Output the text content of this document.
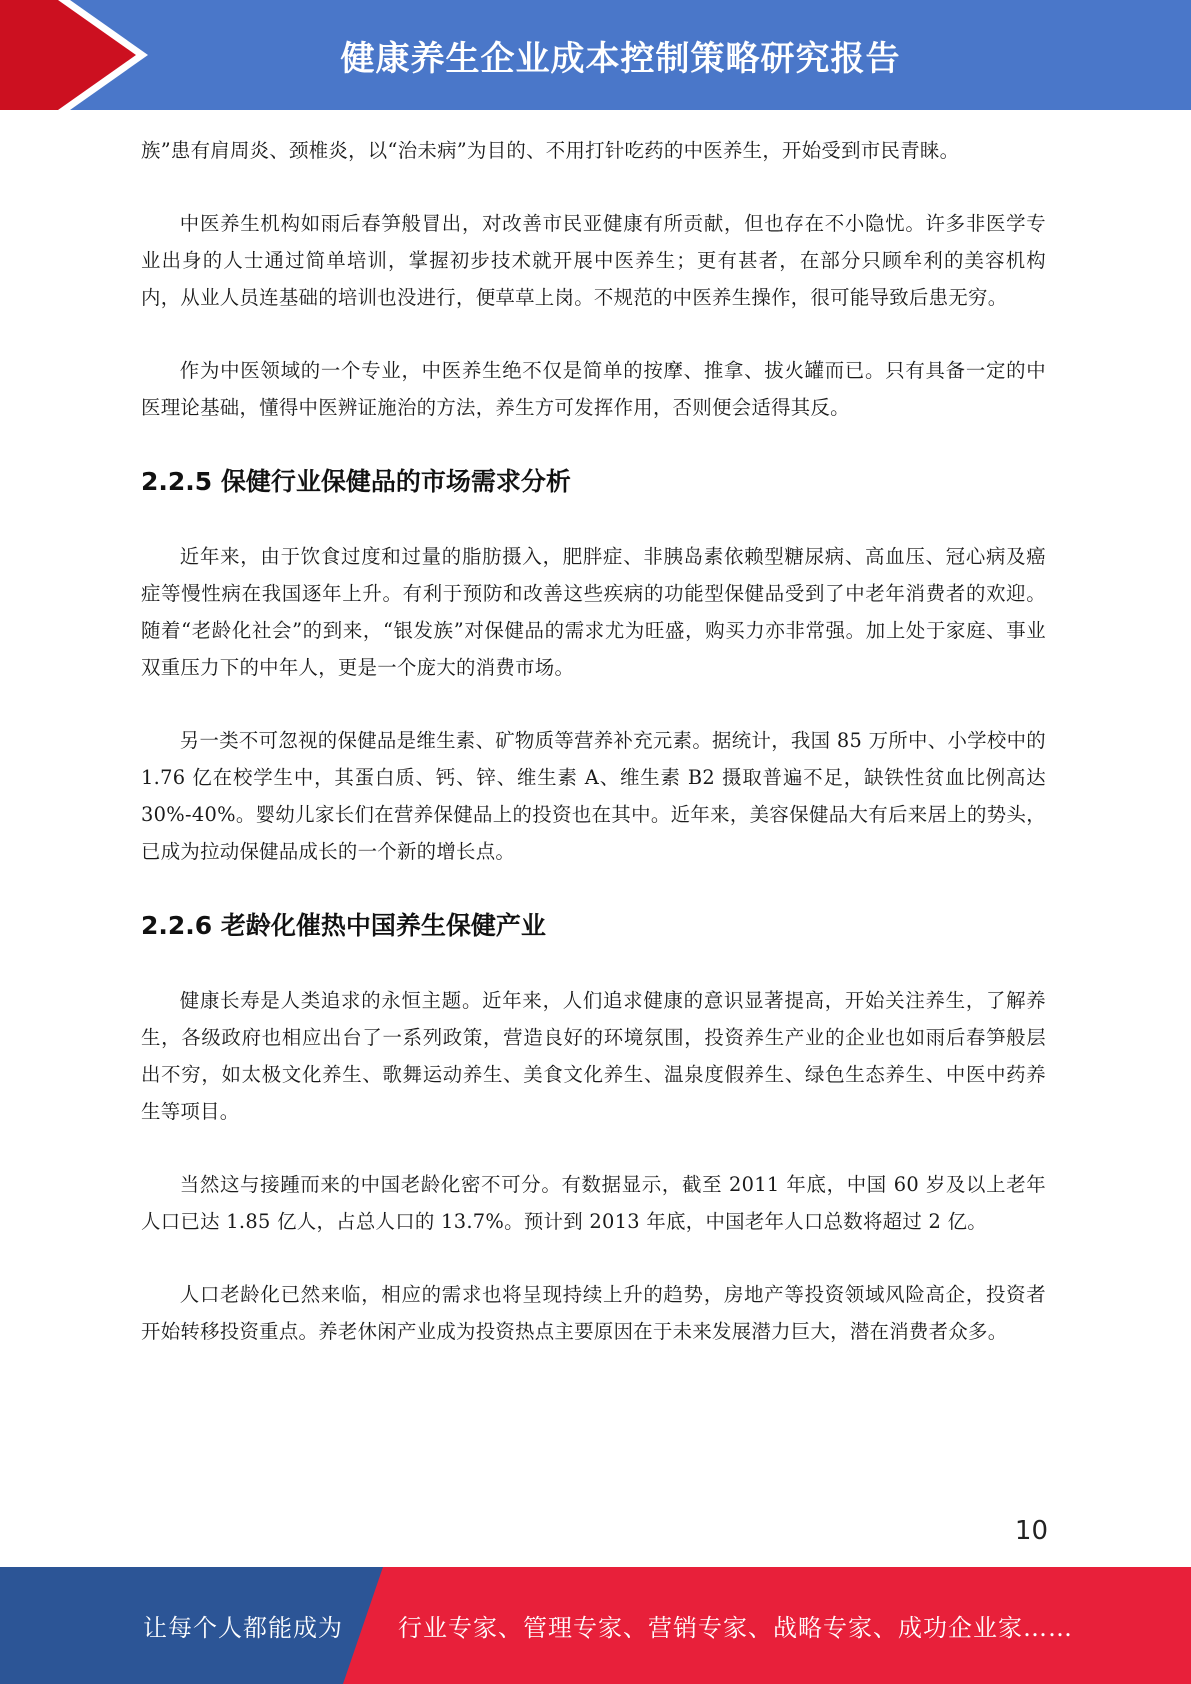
健康养生企业成本控制策略研究报告

族”患有肩周炎、颈椎炎，以“治未病”为目的、不用打针吃药的中医养生，开始受到市民青睐。

中医养生机构如雨后春笋般冒出，对改善市民亚健康有所贡献，但也存在不小隐忧。许多非医学专业出身的人士通过简单培训，掌握初步技术就开展中医养生；更有甚者，在部分只顾牟利的美容机构内，从业人员连基础的培训也没进行，便草草上岗。不规范的中医养生操作，很可能导致后患无穷。

作为中医领域的一个专业，中医养生绝不仅是简单的按摩、推拿、拔火罐而已。只有具备一定的中医理论基础，懂得中医辨证施治的方法，养生方可发挥作用，否则便会适得其反。

2.2.5 保健行业保健品的市场需求分析

近年来，由于饮食过度和过量的脂肪摄入，肥胖症、非胰岛素依赖型糖尿病、高血压、冠心病及癌症等慢性病在我国逐年上升。有利于预防和改善这些疾病的功能型保健品受到了中老年消费者的欢迎。随着“老龄化社会”的到来，“银发族”对保健品的需求尤为旺盛，购买力亦非常强。加上处于家庭、事业双重压力下的中年人，更是一个庞大的消费市场。

另一类不可忽视的保健品是维生素、矿物质等营养补充元素。据统计，我国 85 万所中、小学校中的 1.76 亿在校学生中，其蛋白质、钙、锌、维生素 A、维生素 B2 摄取普遍不足，缺铁性贫血比例高达 30%-40%。婴幼儿家长们在营养保健品上的投资也在其中。近年来，美容保健品大有后来居上的势头，已成为拉动保健品成长的一个新的增长点。

2.2.6 老龄化催热中国养生保健产业

健康长寿是人类追求的永恒主题。近年来，人们追求健康的意识显著提高，开始关注养生，了解养生，各级政府也相应出台了一系列政策，营造良好的环境氛围，投资养生产业的企业也如雨后春笋般层出不穷，如太极文化养生、歌舞运动养生、美食文化养生、温泉度假养生、绿色生态养生、中医中药养生等项目。

当然这与接踵而来的中国老龄化密不可分。有数据显示，截至 2011 年底，中国 60 岁及以上老年人口已达 1.85 亿人，占总人口的 13.7%。预计到 2013 年底，中国老年人口总数将超过 2 亿。

人口老龄化已然来临，相应的需求也将呈现持续上升的趋势，房地产等投资领域风险高企，投资者开始转移投资重点。养老休闲产业成为投资热点主要原因在于未来发展潜力巨大，潜在消费者众多。

10
让每个人都能成为 行业专家、管理专家、营销专家、战略专家、成功企业家……
